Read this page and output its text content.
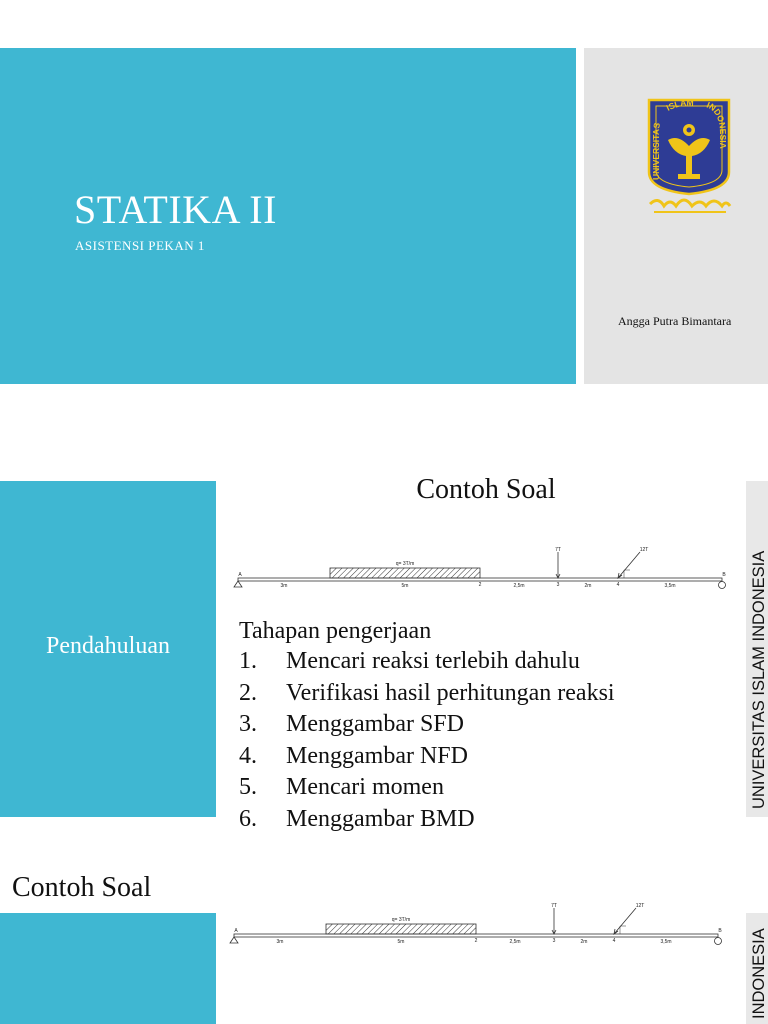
STATIKA II
ASISTENSI PEKAN 1
UNIVERSITAS
ISLAM INDONESIA
Angga Putra Bimantara
Pendahuluan
Contoh Soal
q= 3T/m
A	B
2	3	4
3m	5m	2,5m	2m	3,5m
7T	12T
Tahapan pengerjaan
1. Mencari reaksi terlebih dahulu
2. Verifikasi hasil perhitungan reaksi
3. Menggambar SFD
4. Menggambar NFD
5. Mencari momen
6. Menggambar BMD
UNIVERSITAS ISLAM INDONESIA
Contoh Soal
q= 3T/m
A	B
2	3	4
3m	5m	2,5m	2m	3,5m
7T	12T
INDONESIA
